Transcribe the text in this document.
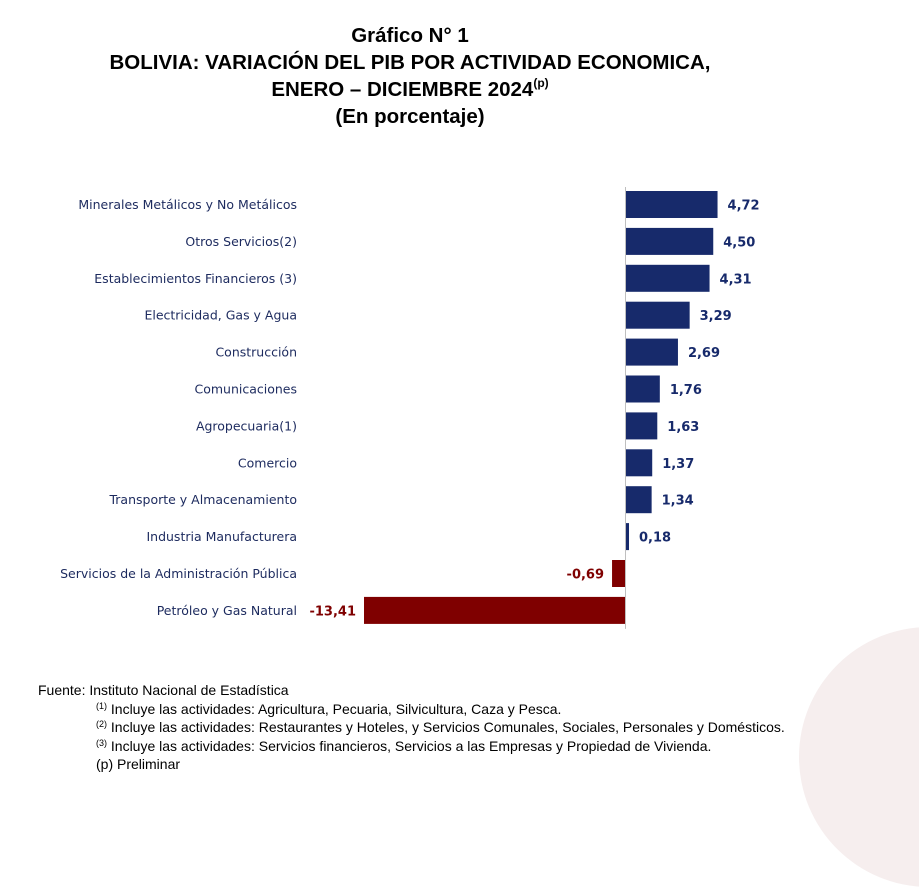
Gráfico N° 1
BOLIVIA: VARIACIÓN DEL PIB POR ACTIVIDAD ECONOMICA,
ENERO – DICIEMBRE 2024$^{(p)}$
(En porcentaje)
Minerales Metálicos y No Metálicos	4,72
Otros Servicios(2)	4,50
Establecimientos Financieros (3)	4,31
Electricidad, Gas y Agua	3,29
Construcción	2,69
Comunicaciones	1,76
Agropecuaria(1)	1,63
Comercio	1,37
Transporte y Almacenamiento	1,34
Industria Manufacturera	0,18
Servicios de la Administración Pública	-0,69
Petróleo y Gas Natural -13,41
Fuente: Instituto Nacional de Estadística
$^{(1)}$ Incluye las actividades: Agricultura, Pecuaria, Silvicultura, Caza y Pesca.
$^{(2)}$ Incluye las actividades: Restaurantes y Hoteles, y Servicios Comunales, Sociales, Personales y Domésticos.
$^{(3)}$ Incluye las actividades: Servicios financieros, Servicios a las Empresas y Propiedad de Vivienda.
(p) Preliminar
